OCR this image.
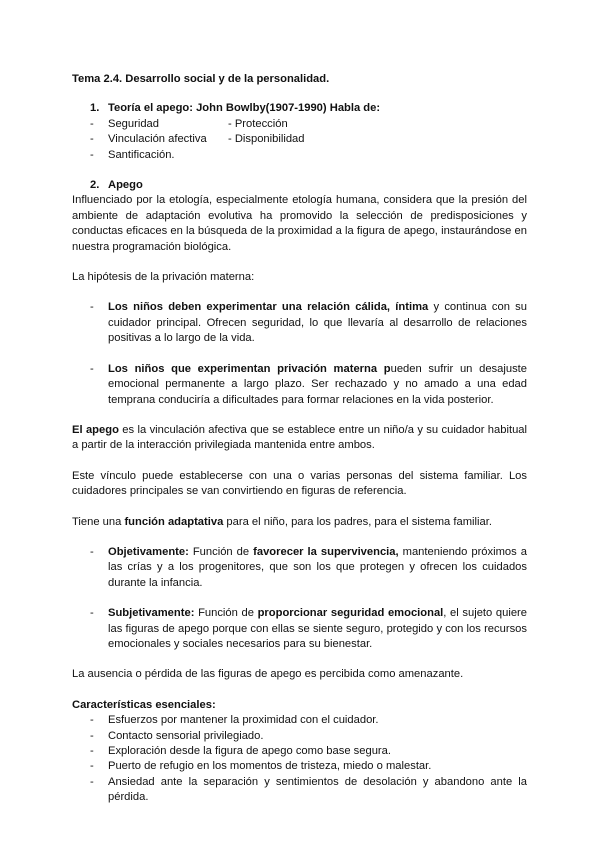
Tema 2.4. Desarrollo social y de la personalidad.

1. Teoría el apego: John Bowlby(1907-1990) Habla de:
-	Seguridad	- Protección
-	Vinculación afectiva	- Disponibilidad
-	Santificación.
2. Apego

Influenciado por la etología, especialmente etología humana, considera que la presión del ambiente de adaptación evolutiva ha promovido la selección de predisposiciones y conductas eficaces en la búsqueda de la proximidad a la figura de apego, instaurándose en nuestra programación biológica.

La hipótesis de la privación materna:

-	Los niños deben experimentar una relación cálida, íntima y continua con su cuidador principal. Ofrecen seguridad, lo que llevaría al desarrollo de relaciones positivas a lo largo de la vida.

-	Los niños que experimentan privación materna pueden sufrir un desajuste emocional permanente a largo plazo. Ser rechazado y no amado a una edad temprana conduciría a dificultades para formar relaciones en la vida posterior.

El apego es la vinculación afectiva que se establece entre un niño/a y su cuidador habitual a partir de la interacción privilegiada mantenida entre ambos.

Este vínculo puede establecerse con una o varias personas del sistema familiar. Los cuidadores principales se van convirtiendo en figuras de referencia.

Tiene una función adaptativa para el niño, para los padres, para el sistema familiar.

-	Objetivamente: Función de favorecer la supervivencia, manteniendo próximos a las crías y a los progenitores, que son los que protegen y ofrecen los cuidados durante la infancia.

-	Subjetivamente: Función de proporcionar seguridad emocional, el sujeto quiere las figuras de apego porque con ellas se siente seguro, protegido y con los recursos emocionales y sociales necesarios para su bienestar.

La ausencia o pérdida de las figuras de apego es percibida como amenazante.

Características esenciales:

-	Esfuerzos por mantener la proximidad con el cuidador.
-	Contacto sensorial privilegiado.
-	Exploración desde la figura de apego como base segura.
-	Puerto de refugio en los momentos de tristeza, miedo o malestar.
-	Ansiedad ante la separación y sentimientos de desolación y abandono ante la pérdida.
